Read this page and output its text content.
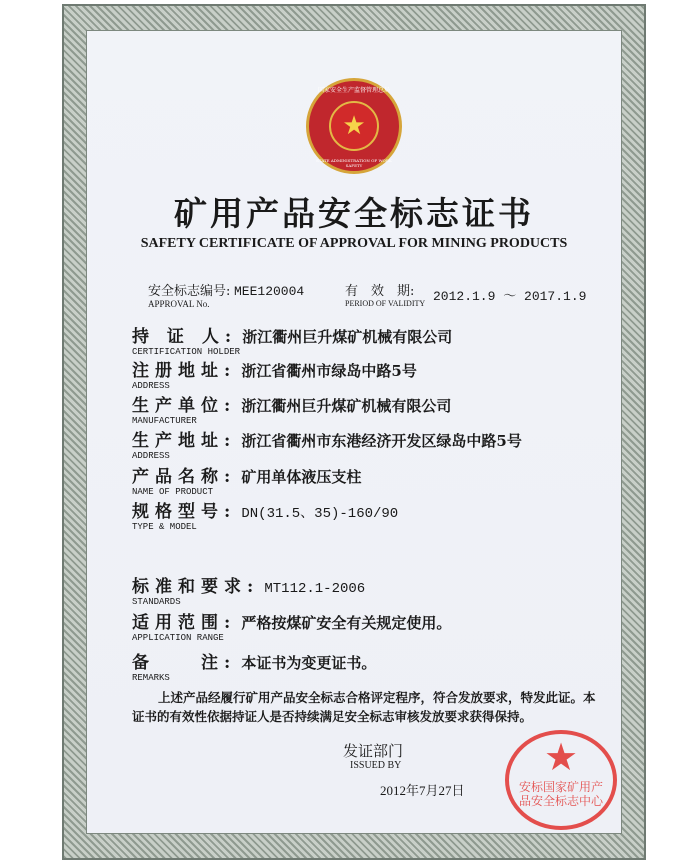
国家安全生产监督管理总局
STATE ADMINISTRATION OF WORK SAFETY
★
矿用产品安全标志证书
SAFETY CERTIFICATE OF APPROVAL FOR MINING PRODUCTS
安全标志编号:
APPROVAL No.
MEE120004	有　效　期:
PERIOD OF VALIDITY 2012.1.9 ～ 2017.1.9
持 证 人: 浙江衢州巨升煤矿机械有限公司
CERTIFICATION HOLDER
注册地址: 浙江省衢州市绿岛中路5号
ADDRESS
生产单位: 浙江衢州巨升煤矿机械有限公司
MANUFACTURER
生产地址: 浙江省衢州市东港经济开发区绿岛中路5号
ADDRESS
产品名称: 矿用单体液压支柱
NAME OF PRODUCT
规格型号: DN(31.5、35)-160/90
TYPE & MODEL
标准和要求: MT112.1-2006
STANDARDS
适用范围: 严格按煤矿安全有关规定使用。
APPLICATION RANGE
备　　注: 本证书为变更证书。
REMARKS
上述产品经履行矿用产品安全标志合格评定程序，符合发放要求，特发此证。本证书的有效性依据持证人是否持续满足安全标志审核发放要求获得保持。
发证部门
ISSUED BY
2012年7月27日
★
安标国家矿用产品安全标志中心
